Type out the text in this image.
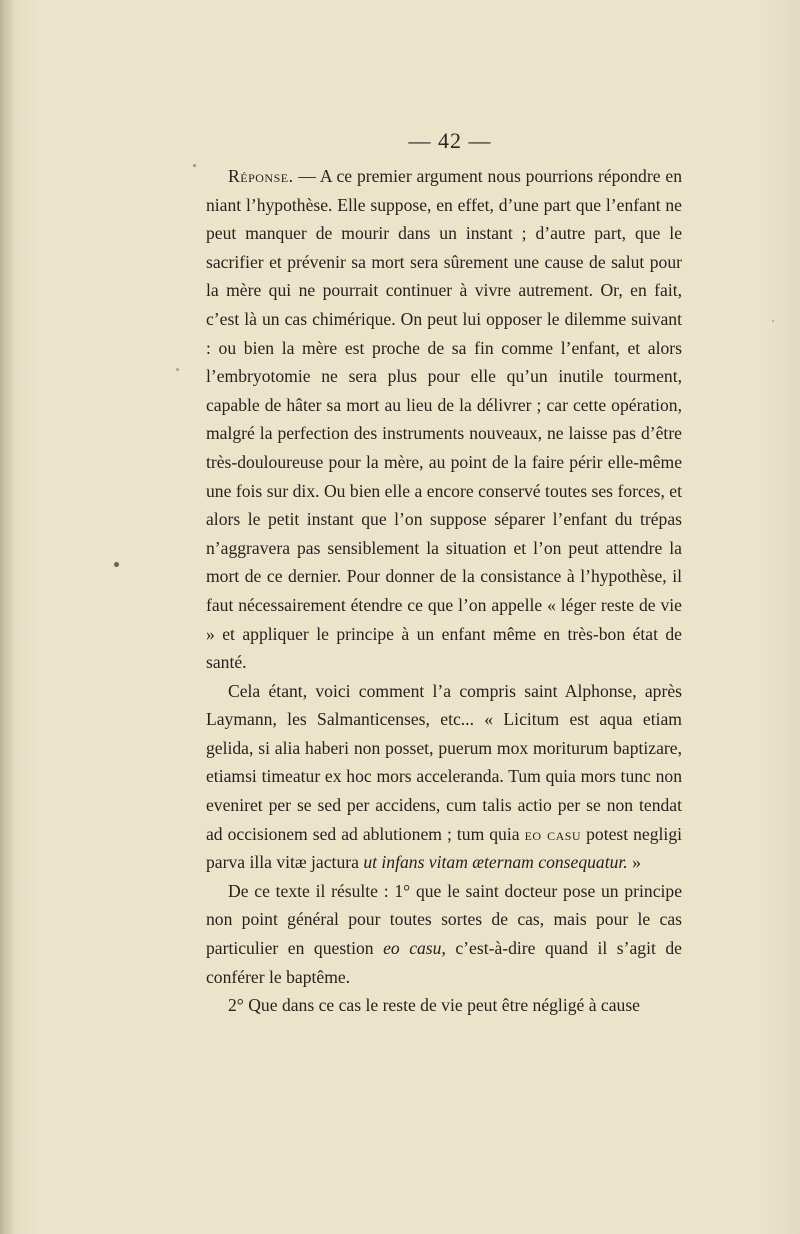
— 42 —

Réponse. — A ce premier argument nous pourrions répondre en niant l’hypothèse. Elle suppose, en effet, d’une part que l’enfant ne peut manquer de mourir dans un instant ; d’autre part, que le sacrifier et prévenir sa mort sera sûrement une cause de salut pour la mère qui ne pourrait continuer à vivre autrement. Or, en fait, c’est là un cas chimérique. On peut lui opposer le dilemme suivant : ou bien la mère est proche de sa fin comme l’enfant, et alors l’embryotomie ne sera plus pour elle qu’un inutile tourment, capable de hâter sa mort au lieu de la délivrer ; car cette opération, malgré la perfection des instruments nouveaux, ne laisse pas d’être très-douloureuse pour la mère, au point de la faire périr elle-même une fois sur dix. Ou bien elle a encore conservé toutes ses forces, et alors le petit instant que l’on suppose séparer l’enfant du trépas n’aggravera pas sensiblement la situation et l’on peut attendre la mort de ce dernier. Pour donner de la consistance à l’hypothèse, il faut nécessairement étendre ce que l’on appelle « léger reste de vie » et appliquer le principe à un enfant même en très-bon état de santé.

Cela étant, voici comment l’a compris saint Alphonse, après Laymann, les Salmanticenses, etc... « Licitum est aqua etiam gelida, si alia haberi non posset, puerum mox moriturum baptizare, etiamsi timeatur ex hoc mors acceleranda. Tum quia mors tunc non eveniret per se sed per accidens, cum talis actio per se non tendat ad occisionem sed ad ablutionem ; tum quia eo casu potest negligi parva illa vitæ jactura ut infans vitam æternam consequatur. »

De ce texte il résulte : 1° que le saint docteur pose un principe non point général pour toutes sortes de cas, mais pour le cas particulier en question eo casu, c’est-à-dire quand il s’agit de conférer le baptême.

2° Que dans ce cas le reste de vie peut être négligé à cause
